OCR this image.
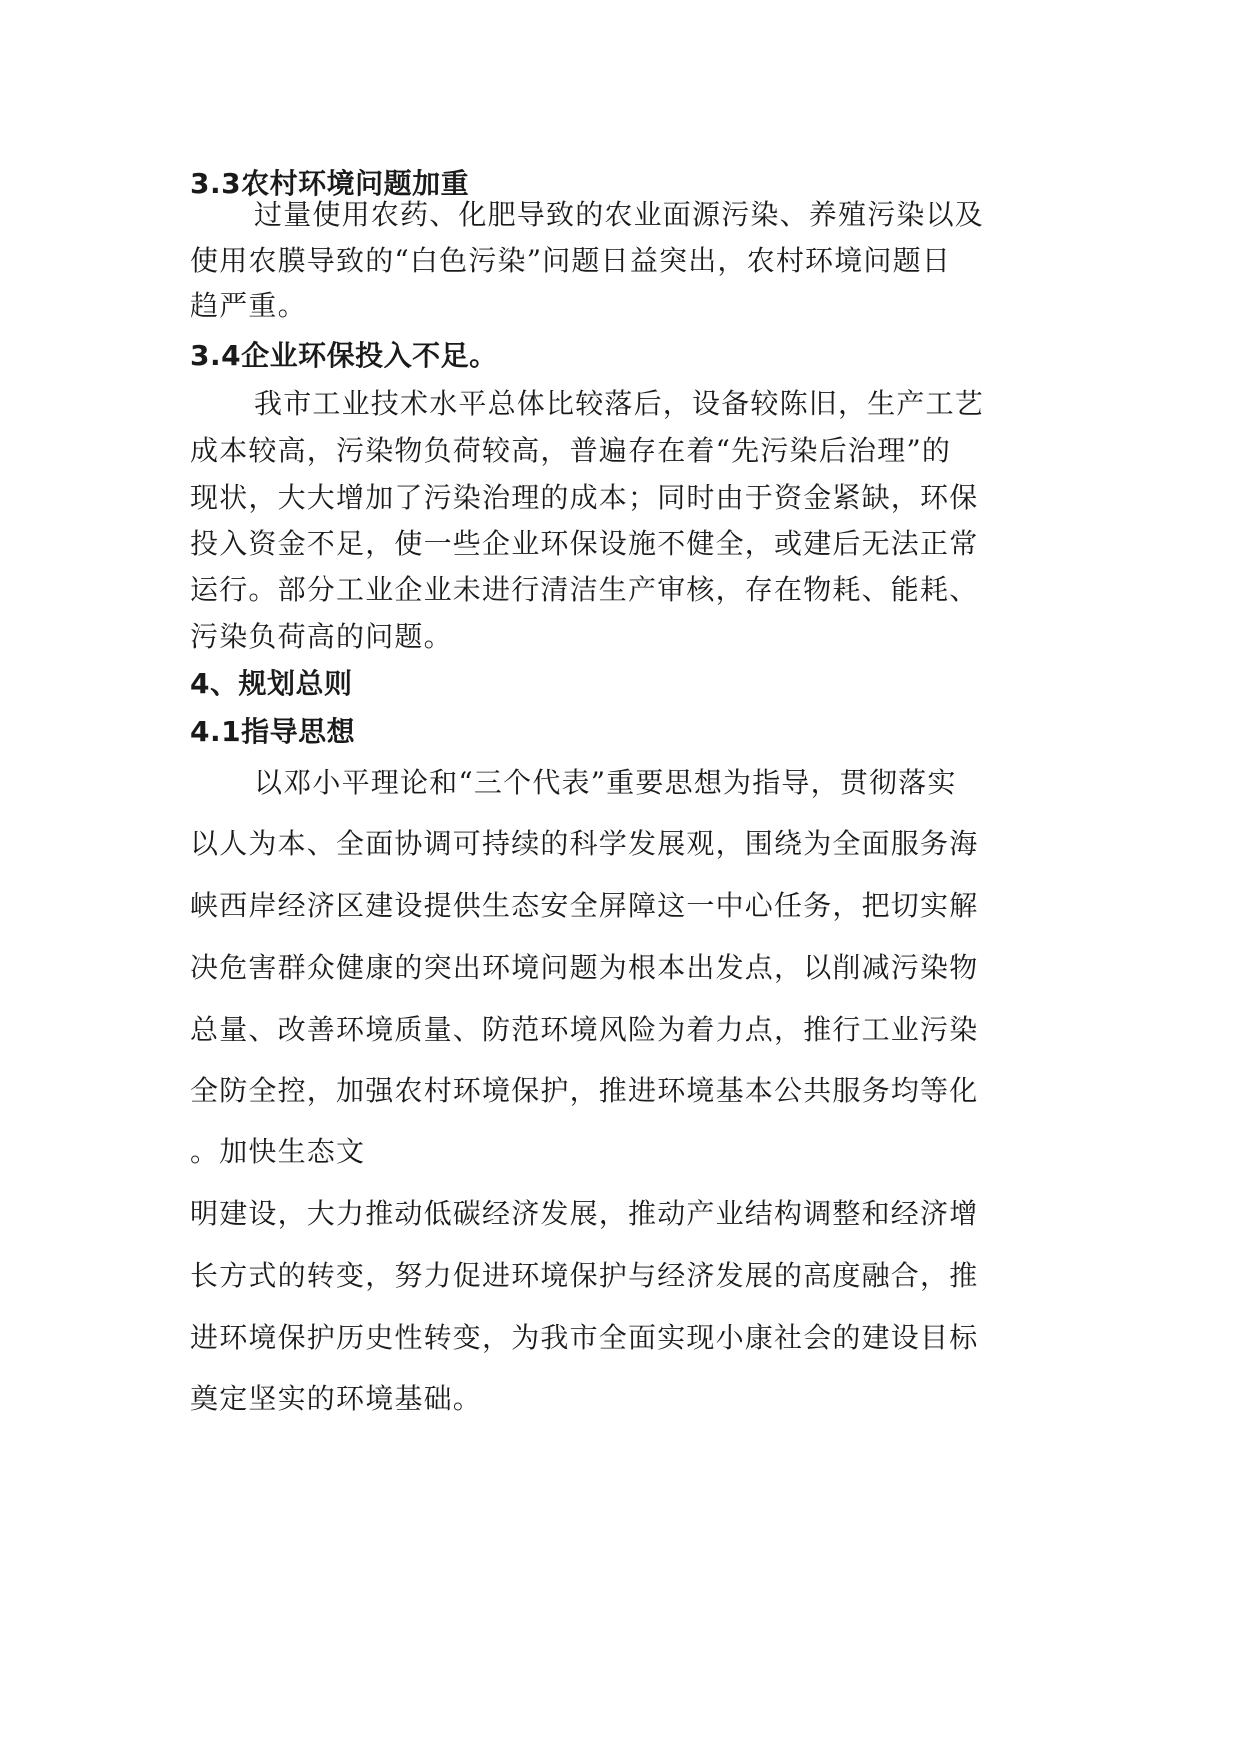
3.3农村环境问题加重
过量使用农药、化肥导致的农业面源污染、养殖污染以及
使用农膜导致的“白色污染”问题日益突出，农村环境问题日
趋严重。
3.4企业环保投入不足。
我市工业技术水平总体比较落后，设备较陈旧，生产工艺
成本较高，污染物负荷较高，普遍存在着“先污染后治理”的
现状，大大增加了污染治理的成本；同时由于资金紧缺，环保
投入资金不足，使一些企业环保设施不健全，或建后无法正常
运行。部分工业企业未进行清洁生产审核，存在物耗、能耗、
污染负荷高的问题。
4、规划总则
4.1指导思想
以邓小平理论和“三个代表”重要思想为指导，贯彻落实
以人为本、全面协调可持续的科学发展观，围绕为全面服务海
峡西岸经济区建设提供生态安全屏障这一中心任务，把切实解
决危害群众健康的突出环境问题为根本出发点，以削减污染物
总量、改善环境质量、防范环境风险为着力点，推行工业污染
全防全控，加强农村环境保护，推进环境基本公共服务均等化
。加快生态文
明建设，大力推动低碳经济发展，推动产业结构调整和经济增
长方式的转变，努力促进环境保护与经济发展的高度融合，推
进环境保护历史性转变，为我市全面实现小康社会的建设目标
奠定坚实的环境基础。
